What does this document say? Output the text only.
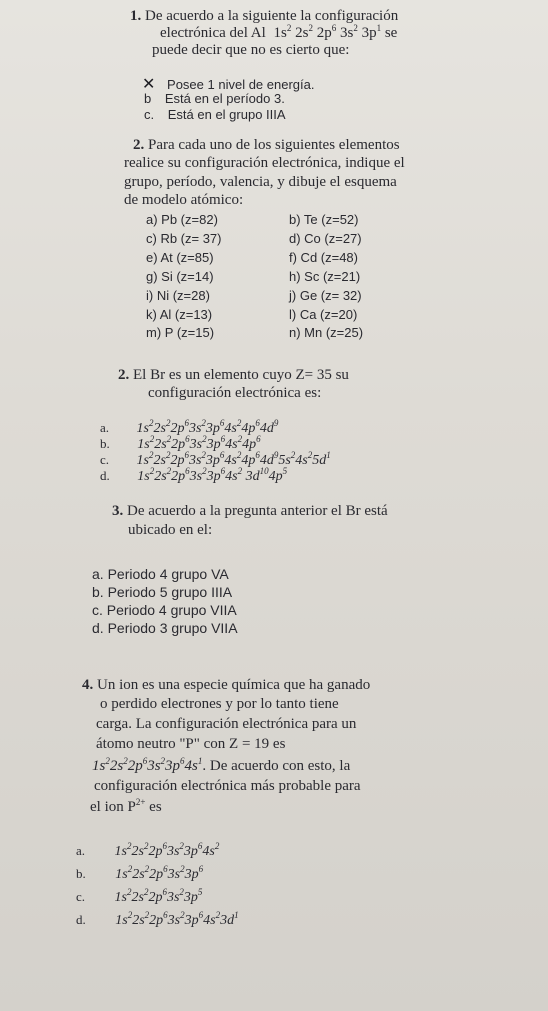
1. De acuerdo a la siguiente la configuración
electrónica del Al $1s^2$ $2s^2$ $2p^6$ $3s^2$ $3p^1$ se
puede decir que no es cierto que:
✕ Posee 1 nivel de energía.
b Está en el período 3.
c. Está en el grupo IIIA
2. Para cada uno de los siguientes elementos
realice su configuración electrónica, indique el
grupo, período, valencia, y dibuje el esquema
de modelo atómico:
a) Pb (z=82)	b) Te (z=52)
c) Rb (z= 37)	d) Co (z=27)
e) At (z=85)	f) Cd (z=48)
g) Si (z=14)	h) Sc (z=21)
i) Ni (z=28)	j) Ge (z= 32)
k) Al (z=13)	l) Ca (z=20)
m) P (z=15)	n) Mn (z=25)
2. El Br es un elemento cuyo Z= 35 su
configuración electrónica es:
a. $1s^22s^22p^63s^23p^64s^24p^64d^9$
b. $1s^22s^22p^63s^23p^64s^24p^6$
c. $1s^22s^22p^63s^23p^64s^24p^64d^95s^24s^25d^1$
d. $1s^22s^22p^63s^23p^64s^2$ $3d^{10}4p^5$
3. De acuerdo a la pregunta anterior el Br está
ubicado en el:
a. Periodo 4 grupo VA
b. Periodo 5 grupo IIIA
c. Periodo 4 grupo VIIA
d. Periodo 3 grupo VIIA
4. Un ion es una especie química que ha ganado
o perdido electrones y por lo tanto tiene
carga. La configuración electrónica para un
átomo neutro "P" con Z = 19 es
$1s^22s^22p^63s^23p^64s^1$. De acuerdo con esto, la
configuración electrónica más probable para
el ion $P^{2+}$ es
a. $1s^22s^22p^63s^23p^64s^2$
b. $1s^22s^22p^63s^23p^6$
c. $1s^22s^22p^63s^23p^5$
d. $1s^22s^22p^63s^23p^64s^23d^1$
